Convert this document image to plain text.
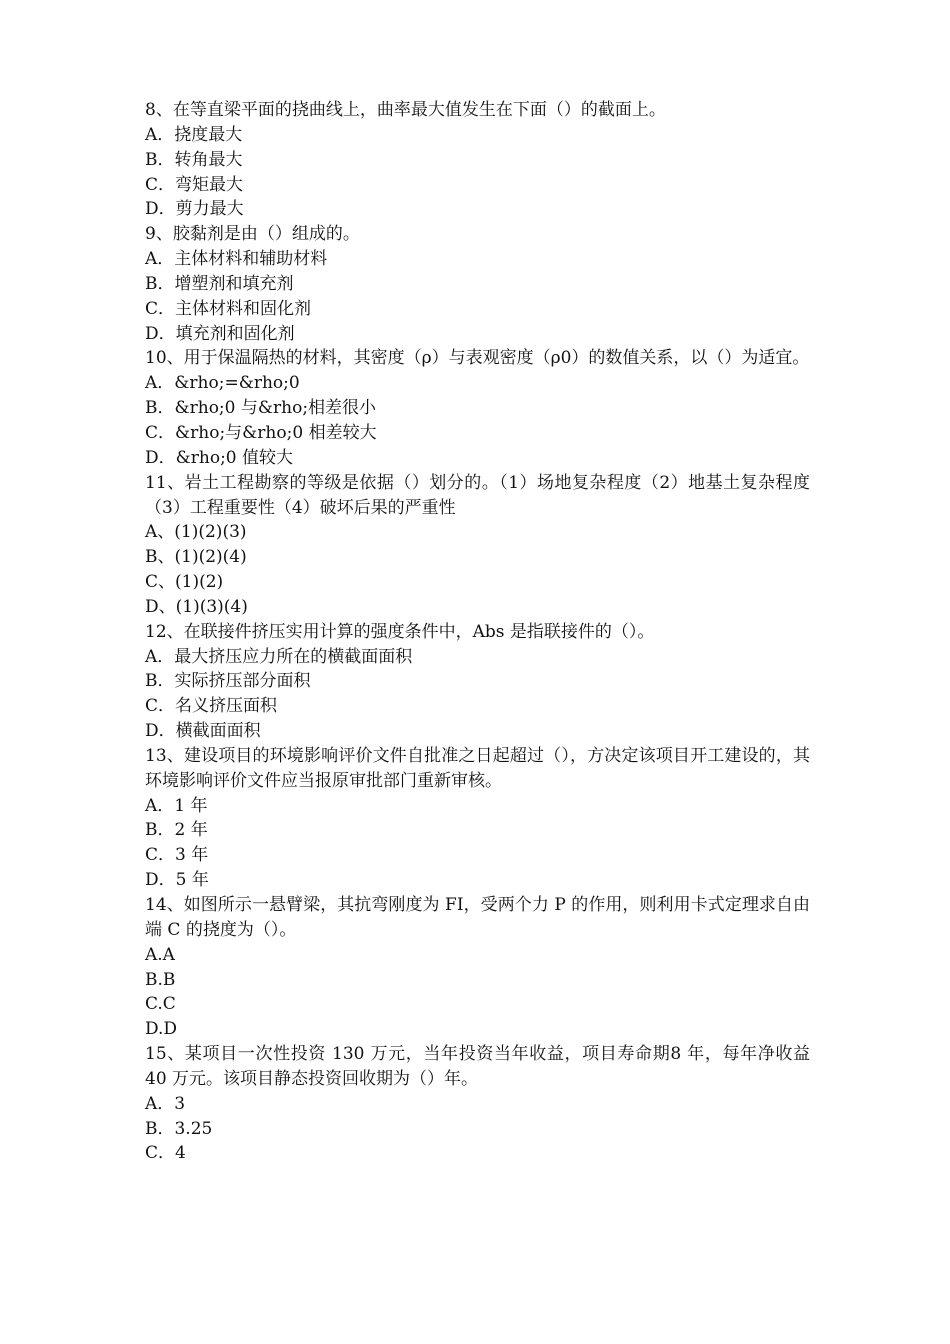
8、在等直梁平面的挠曲线上，曲率最大值发生在下面（）的截面上。
A．挠度最大
B．转角最大
C．弯矩最大
D．剪力最大
9、胶黏剂是由（）组成的。
A．主体材料和辅助材料
B．增塑剂和填充剂
C．主体材料和固化剂
D．填充剂和固化剂
10、用于保温隔热的材料，其密度（ρ）与表观密度（ρ0）的数值关系，以（）为适宜。
A．&rho;=&rho;0
B．&rho;0 与&rho;相差很小
C．&rho;与&rho;0 相差较大
D．&rho;0 值较大
11、岩土工程勘察的等级是依据（）划分的。（1）场地复杂程度（2）地基土复杂程度（3）工程重要性（4）破坏后果的严重性
A、(1)(2)(3)
B、(1)(2)(4)
C、(1)(2)
D、(1)(3)(4)
12、在联接件挤压实用计算的强度条件中，Abs 是指联接件的（）。
A．最大挤压应力所在的横截面面积
B．实际挤压部分面积
C．名义挤压面积
D．横截面面积
13、建设项目的环境影响评价文件自批准之日起超过（），方决定该项目开工建设的，其环境影响评价文件应当报原审批部门重新审核。
A．1 年
B．2 年
C．3 年
D．5 年
14、如图所示一悬臂梁，其抗弯刚度为 FI，受两个力 P 的作用，则利用卡式定理求自由端 C 的挠度为（）。
A.A
B.B
C.C
D.D
15、某项目一次性投资 130 万元，当年投资当年收益，项目寿命期8 年，每年净收益 40 万元。该项目静态投资回收期为（）年。
A．3
B．3.25
C．4
